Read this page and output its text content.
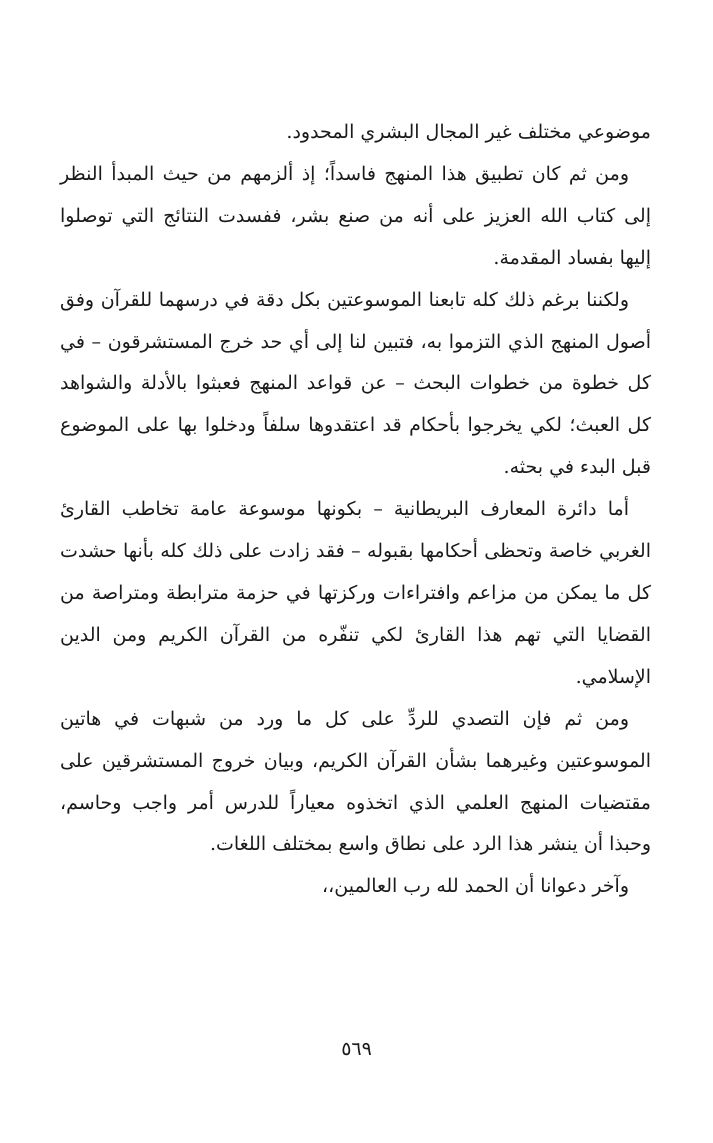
موضوعي مختلف غير المجال البشري المحدود.

ومن ثم كان تطبيق هذا المنهج فاسداً؛ إذ ألزمهم من حيث المبدأ النظر إلى كتاب الله العزيز على أنه من صنع بشر، ففسدت النتائج التي توصلوا إليها بفساد المقدمة.

ولكننا برغم ذلك كله تابعنا الموسوعتين بكل دقة في درسهما للقرآن وفق أصول المنهج الذي التزموا به، فتبين لنا إلى أي حد خرج المستشرقون – في كل خطوة من خطوات البحث – عن قواعد المنهج فعبثوا بالأدلة والشواهد كل العبث؛ لكي يخرجوا بأحكام قد اعتقدوها سلفاً ودخلوا بها على الموضوع قبل البدء في بحثه.

أما دائرة المعارف البريطانية – بكونها موسوعة عامة تخاطب القارئ الغربي خاصة وتحظى أحكامها بقبوله – فقد زادت على ذلك كله بأنها حشدت كل ما يمكن من مزاعم وافتراءات وركزتها في حزمة مترابطة ومتراصة من القضايا التي تهم هذا القارئ لكي تنفّره من القرآن الكريم ومن الدين الإسلامي.

ومن ثم فإن التصدي للردِّ على كل ما ورد من شبهات في هاتين الموسوعتين وغيرهما بشأن القرآن الكريم، وبيان خروج المستشرقين على مقتضيات المنهج العلمي الذي اتخذوه معياراً للدرس أمر واجب وحاسم، وحبذا أن ينشر هذا الرد على نطاق واسع بمختلف اللغات.

وآخر دعوانا أن الحمد لله رب العالمين،،

٥٦٩
